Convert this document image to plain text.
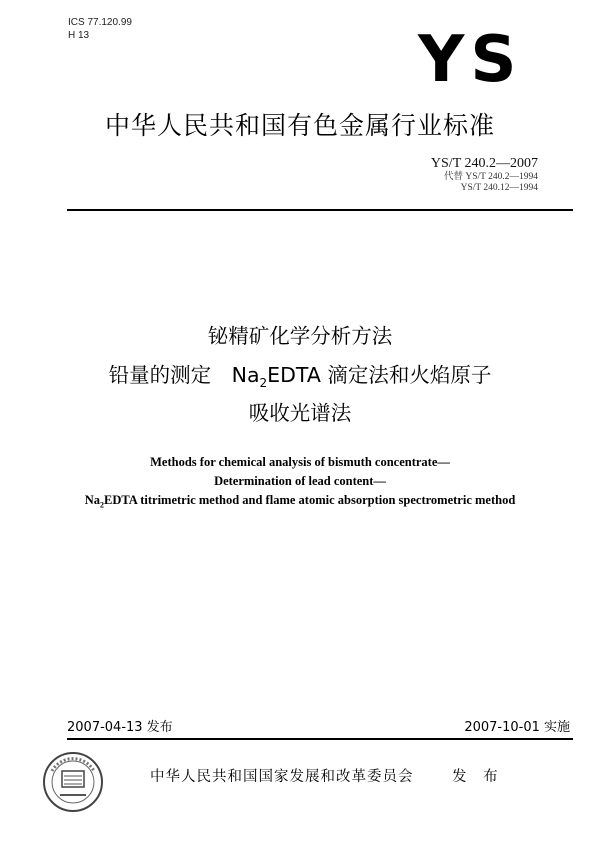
ICS 77.120.99
H 13	YS
中华人民共和国有色金属行业标准
YS/T 240.2—2007
代替 YS/T 240.2—1994
YS/T 240.12—1994
铋精矿化学分析方法
铅量的测定　$Na_2EDTA$ 滴定法和火焰原子
吸收光谱法
Methods for chemical analysis of bismuth concentrate—
Determination of lead content—
$Na_2EDTA$ titrimetric method and flame atomic absorption spectrometric method
2007-04-13 发布	2007-10-01 实施
中华人民共和国国家发展和改革委员会	发 布
